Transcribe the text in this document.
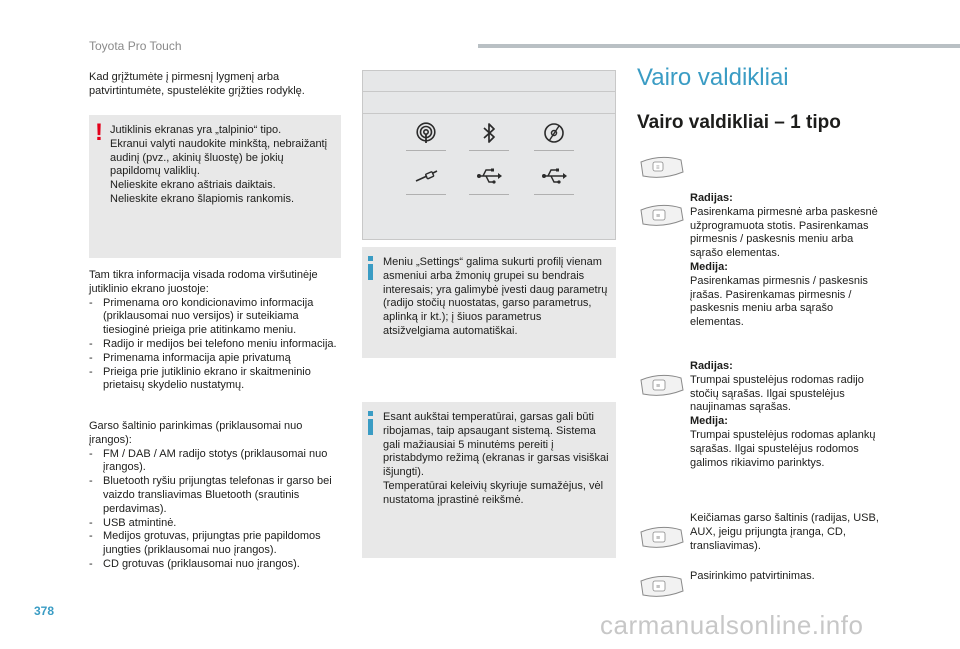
Toyota Pro Touch

Kad grįžtumėte į pirmesnį lygmenį arba patvirtintumėte, spustelėkite grįžties rodyklę.

! Jutiklinis ekranas yra „talpinio“ tipo.
Ekranui valyti naudokite minkštą, nebraižantį audinį (pvz., akinių šluostę) be jokių papildomų valiklių.
Nelieskite ekrano aštriais daiktais.
Nelieskite ekrano šlapiomis rankomis.
Tam tikra informacija visada rodoma viršutinėje jutiklinio ekrano juostoje:
- Primenama oro kondicionavimo informacija (priklausomai nuo versijos) ir suteikiama tiesioginė prieiga prie atitinkamo meniu.
- Radijo ir medijos bei telefono meniu informacija.
- Primenama informacija apie privatumą
- Prieiga prie jutiklinio ekrano ir skaitmeninio prietaisų skydelio nustatymų.
Garso šaltinio parinkimas (priklausomai nuo įrangos):
- FM / DAB / AM radijo stotys (priklausomai nuo įrangos).
- Bluetooth ryšiu prijungtas telefonas ir garso bei vaizdo transliavimas Bluetooth (srautinis perdavimas).
- USB atmintinė.
- Medijos grotuvas, prijungtas prie papildomos jungties (priklausomai nuo įrangos).
- CD grotuvas (priklausomai nuo įrangos).
Meniu „Settings“ galima sukurti profilį vienam asmeniui arba žmonių grupei su bendrais interesais; yra galimybė įvesti daug parametrų (radijo stočių nuostatas, garso parametrus, aplinką ir kt.); į šiuos parametrus atsižvelgiama automatiškai.
Esant aukštai temperatūrai, garsas gali būti ribojamas, taip apsaugant sistemą. Sistema gali mažiausiai 5 minutėms pereiti į pristabdymo režimą (ekranas ir garsas visiškai išjungti).
Temperatūrai keleivių skyriuje sumažėjus, vėl nustatoma įprastinė reikšmė.
Vairo valdikliai
Vairo valdikliai – 1 tipo
≡
≡
Radijas:
Pasirenkama pirmesnė arba paskesnė užprogramuota stotis. Pasirenkamas pirmesnis / paskesnis meniu arba sąrašo elementas.
Medija:
Pasirenkamas pirmesnis / paskesnis įrašas. Pasirenkamas pirmesnis / paskesnis meniu arba sąrašo elementas.
≡
Radijas:
Trumpai spustelėjus rodomas radijo stočių sąrašas. Ilgai spustelėjus naujinamas sąrašas.
Medija:
Trumpai spustelėjus rodomas aplankų sąrašas. Ilgai spustelėjus rodomos galimos rikiavimo parinktys.
≡
Keičiamas garso šaltinis (radijas, USB, AUX, jeigu prijungta įranga, CD, transliavimas).
≡
Pasirinkimo patvirtinimas.
378	carmanualsonline.info
